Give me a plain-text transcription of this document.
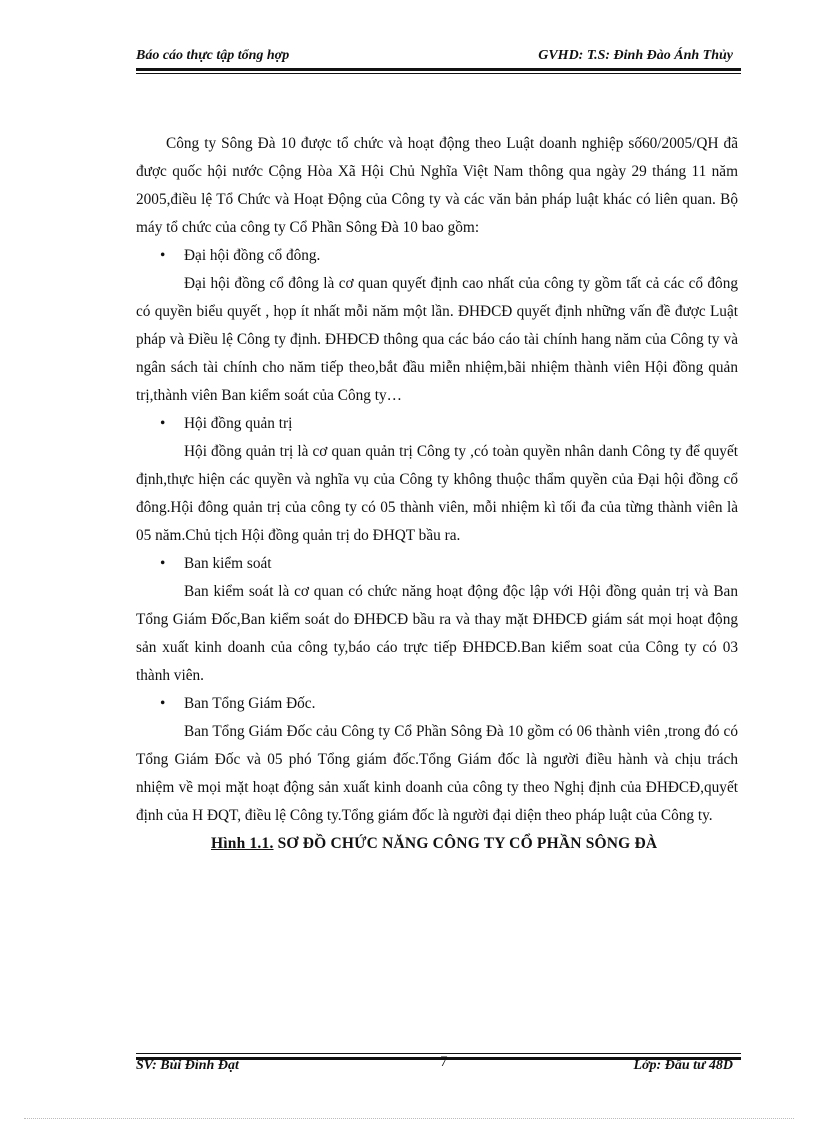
Báo cáo thực tập tổng hợp	GVHD: T.S: Đinh Đào Ánh Thủy

Công ty Sông Đà 10 được tổ chức và hoạt động theo Luật doanh nghiệp số60/2005/QH đã được quốc hội nước Cộng Hòa Xã Hội Chủ Nghĩa Việt Nam thông qua ngày 29 tháng 11 năm 2005,điều lệ Tổ Chức và Hoạt Động của Công ty và các văn bản pháp luật khác có liên quan. Bộ máy tổ chức của công ty Cổ Phần Sông Đà 10 bao gồm:

• Đại hội đồng cổ đông.

Đại hội đồng cổ đông là cơ quan quyết định cao nhất của công ty gồm tất cả các cổ đông có quyền biểu quyết , họp ít nhất mỗi năm một lần. ĐHĐCĐ quyết định những vấn đề được Luật pháp và Điều lệ Công ty định. ĐHĐCĐ thông qua các báo cáo tài chính hang năm của Công ty và ngân sách tài chính cho năm tiếp theo,bắt đầu miễn nhiệm,bãi nhiệm thành viên Hội đồng quản trị,thành viên Ban kiểm soát của Công ty…

• Hội đồng quản trị

Hội đồng quản trị là cơ quan quản trị Công ty ,có toàn quyền nhân danh Công ty để quyết định,thực hiện các quyền và nghĩa vụ của Công ty không thuộc thẩm quyền của Đại hội đồng cổ đông.Hội đông quản trị của công ty có 05 thành viên, mỗi nhiệm kì tối đa của từng thành viên là 05 năm.Chủ tịch Hội đồng quản trị do ĐHQT bầu ra.

• Ban kiểm soát

Ban kiểm soát là cơ quan có chức năng hoạt động độc lập với Hội đồng quản trị và Ban Tổng Giám Đốc,Ban kiểm soát do ĐHĐCĐ bầu ra và thay mặt ĐHĐCĐ giám sát mọi hoạt động sản xuất kinh doanh của công ty,báo cáo trực tiếp ĐHĐCĐ.Ban kiểm soat của Công ty có 03 thành viên.

• Ban Tổng Giám Đốc.

Ban Tổng Giám Đốc cảu Công ty Cổ Phần Sông Đà 10 gồm có 06 thành viên ,trong đó có Tổng Giám Đốc và 05 phó Tổng giám đốc.Tổng Giám đốc là người điều hành và chịu trách nhiệm về mọi mặt hoạt động sản xuất kinh doanh của công ty theo Nghị định của ĐHĐCĐ,quyết định của H ĐQT, điều lệ Công ty.Tổng giám đốc là người đại diện theo pháp luật của Công ty.

Hình 1.1. SƠ ĐỒ CHỨC NĂNG CÔNG TY CỔ PHẦN SÔNG ĐÀ

SV: Bùi Đình Đạt	7	Lớp: Đầu tư 48D
